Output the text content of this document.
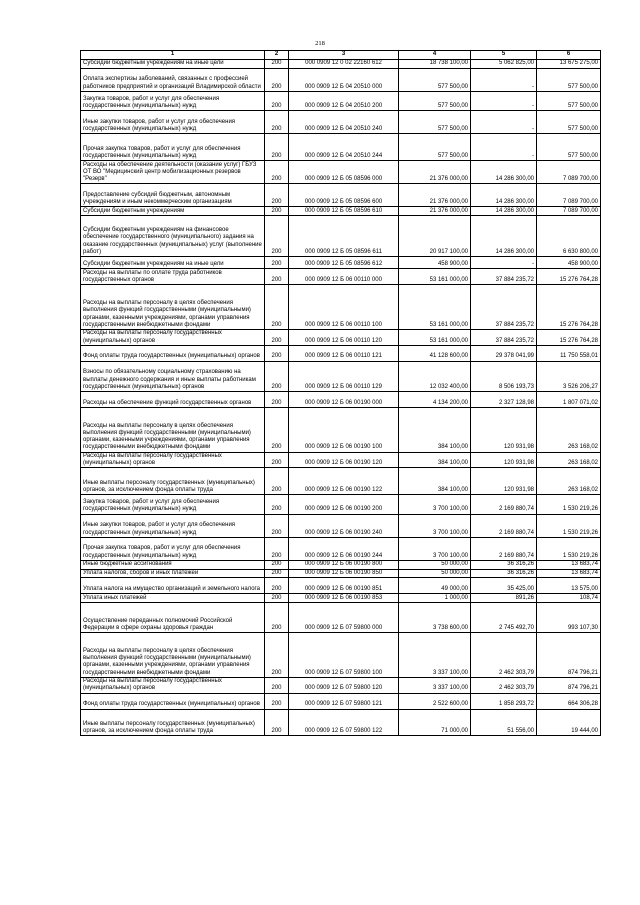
218
1	2	3	4	5	6
Субсидии бюджетным учреждениям на иные цели	200	000 0909 12 0 02 22160 612	18 738 100,00	5 062 825,00	13 675 275,00
Оплата экспертизы заболеваний, связанных с профессией работников предприятий и организаций Владимирской области	200	000 0909 12 Б 04 20510 000	577 500,00	-	577 500,00
Закупка товаров, работ и услуг для обеспечения государственных (муниципальных) нужд	200	000 0909 12 Б 04 20510 200	577 500,00	-	577 500,00
Иные закупки товаров, работ и услуг для обеспечения государственных (муниципальных) нужд	200	000 0909 12 Б 04 20510 240	577 500,00	-	577 500,00
Прочая закупка товаров, работ и услуг для обеспечения государственных (муниципальных) нужд	200	000 0909 12 Б 04 20510 244	577 500,00	-	577 500,00
Расходы на обеспечение деятельности (оказание услуг) ГБУЗ ОТ ВО "Медицинский центр мобилизационных резервов "Резерв"	200	000 0909 12 Б 05 08596 000	21 376 000,00	14 286 300,00	7 089 700,00
Предоставление субсидий бюджетным, автономным учреждениям и иным некоммерческим организациям	200	000 0909 12 Б 05 08596 600	21 376 000,00	14 286 300,00	7 089 700,00
Субсидии бюджетным учреждениям	200	000 0909 12 Б 05 08596 610	21 376 000,00	14 286 300,00	7 089 700,00
Субсидии бюджетным учреждениям на финансовое обеспечение государственного (муниципального) задания на оказание государственных (муниципальных) услуг (выполнение работ)	200	000 0909 12 Б 05 08596 611	20 917 100,00	14 286 300,00	6 630 800,00
Субсидии бюджетным учреждениям на иные цели	200	000 0909 12 Б 05 08596 612	458 900,00	-	458 900,00
Расходы на выплаты по оплате труда работников государственных органов	200	000 0909 12 Б 06 00110 000	53 161 000,00	37 884 235,72	15 276 764,28
Расходы на выплаты персоналу в целях обеспечения выполнения функций государственными (муниципальными) органами, казенными учреждениями, органами управления государственными внебюджетными фондами	200	000 0909 12 Б 06 00110 100	53 161 000,00	37 884 235,72	15 276 764,28
Расходы на выплаты персоналу государственных (муниципальных) органов	200	000 0909 12 Б 06 00110 120	53 161 000,00	37 884 235,72	15 276 764,28
Фонд оплаты труда государственных (муниципальных) органов	200	000 0909 12 Б 06 00110 121	41 128 600,00	29 378 041,99	11 750 558,01
Взносы по обязательному социальному страхованию на выплаты денежного содержания и иные выплаты работникам государственных (муниципальных) органов	200	000 0909 12 Б 06 00110 129	12 032 400,00	8 506 193,73	3 526 206,27
Расходы на обеспечение функций государственных органов	200	000 0909 12 Б 06 00190 000	4 134 200,00	2 327 128,98	1 807 071,02
Расходы на выплаты персоналу в целях обеспечения выполнения функций государственными (муниципальными) органами, казенными учреждениями, органами управления государственными внебюджетными фондами	200	000 0909 12 Б 06 00190 100	384 100,00	120 931,98	263 168,02
Расходы на выплаты персоналу государственных (муниципальных) органов	200	000 0909 12 Б 06 00190 120	384 100,00	120 931,98	263 168,02
Иные выплаты персоналу государственных (муниципальных) органов, за исключением фонда оплаты труда	200	000 0909 12 Б 06 00190 122	384 100,00	120 931,98	263 168,02
Закупка товаров, работ и услуг для обеспечения государственных (муниципальных) нужд	200	000 0909 12 Б 06 00190 200	3 700 100,00	2 169 880,74	1 530 219,26
Иные закупки товаров, работ и услуг для обеспечения государственных (муниципальных) нужд	200	000 0909 12 Б 06 00190 240	3 700 100,00	2 169 880,74	1 530 219,26
Прочая закупка товаров, работ и услуг для обеспечения государственных (муниципальных) нужд	200	000 0909 12 Б 06 00190 244	3 700 100,00	2 169 880,74	1 530 219,26
Иные бюджетные ассигнования	200	000 0909 12 Б 06 00190 800	50 000,00	36 316,26	13 683,74
Уплата налогов, сборов и иных платежей	200	000 0909 12 Б 06 00190 850	50 000,00	36 316,26	13 683,74
Уплата налога на имущество организаций и земельного налога	200	000 0909 12 Б 06 00190 851	49 000,00	35 425,00	13 575,00
Уплата иных платежей	200	000 0909 12 Б 06 00190 853	1 000,00	891,26	108,74
Осуществление переданных полномочий Российской Федерации в сфере охраны здоровья граждан	200	000 0909 12 Б 07 59800 000	3 738 600,00	2 745 492,70	993 107,30
Расходы на выплаты персоналу в целях обеспечения выполнения функций государственными (муниципальными) органами, казенными учреждениями, органами управления государственными внебюджетными фондами	200	000 0909 12 Б 07 59800 100	3 337 100,00	2 462 303,79	874 796,21
Расходы на выплаты персоналу государственных (муниципальных) органов	200	000 0909 12 Б 07 59800 120	3 337 100,00	2 462 303,79	874 796,21
Фонд оплаты труда государственных (муниципальных) органов	200	000 0909 12 Б 07 59800 121	2 522 600,00	1 858 293,72	664 306,28
Иные выплаты персоналу государственных (муниципальных) органов, за исключением фонда оплаты труда	200	000 0909 12 Б 07 59800 122	71 000,00	51 556,00	19 444,00
